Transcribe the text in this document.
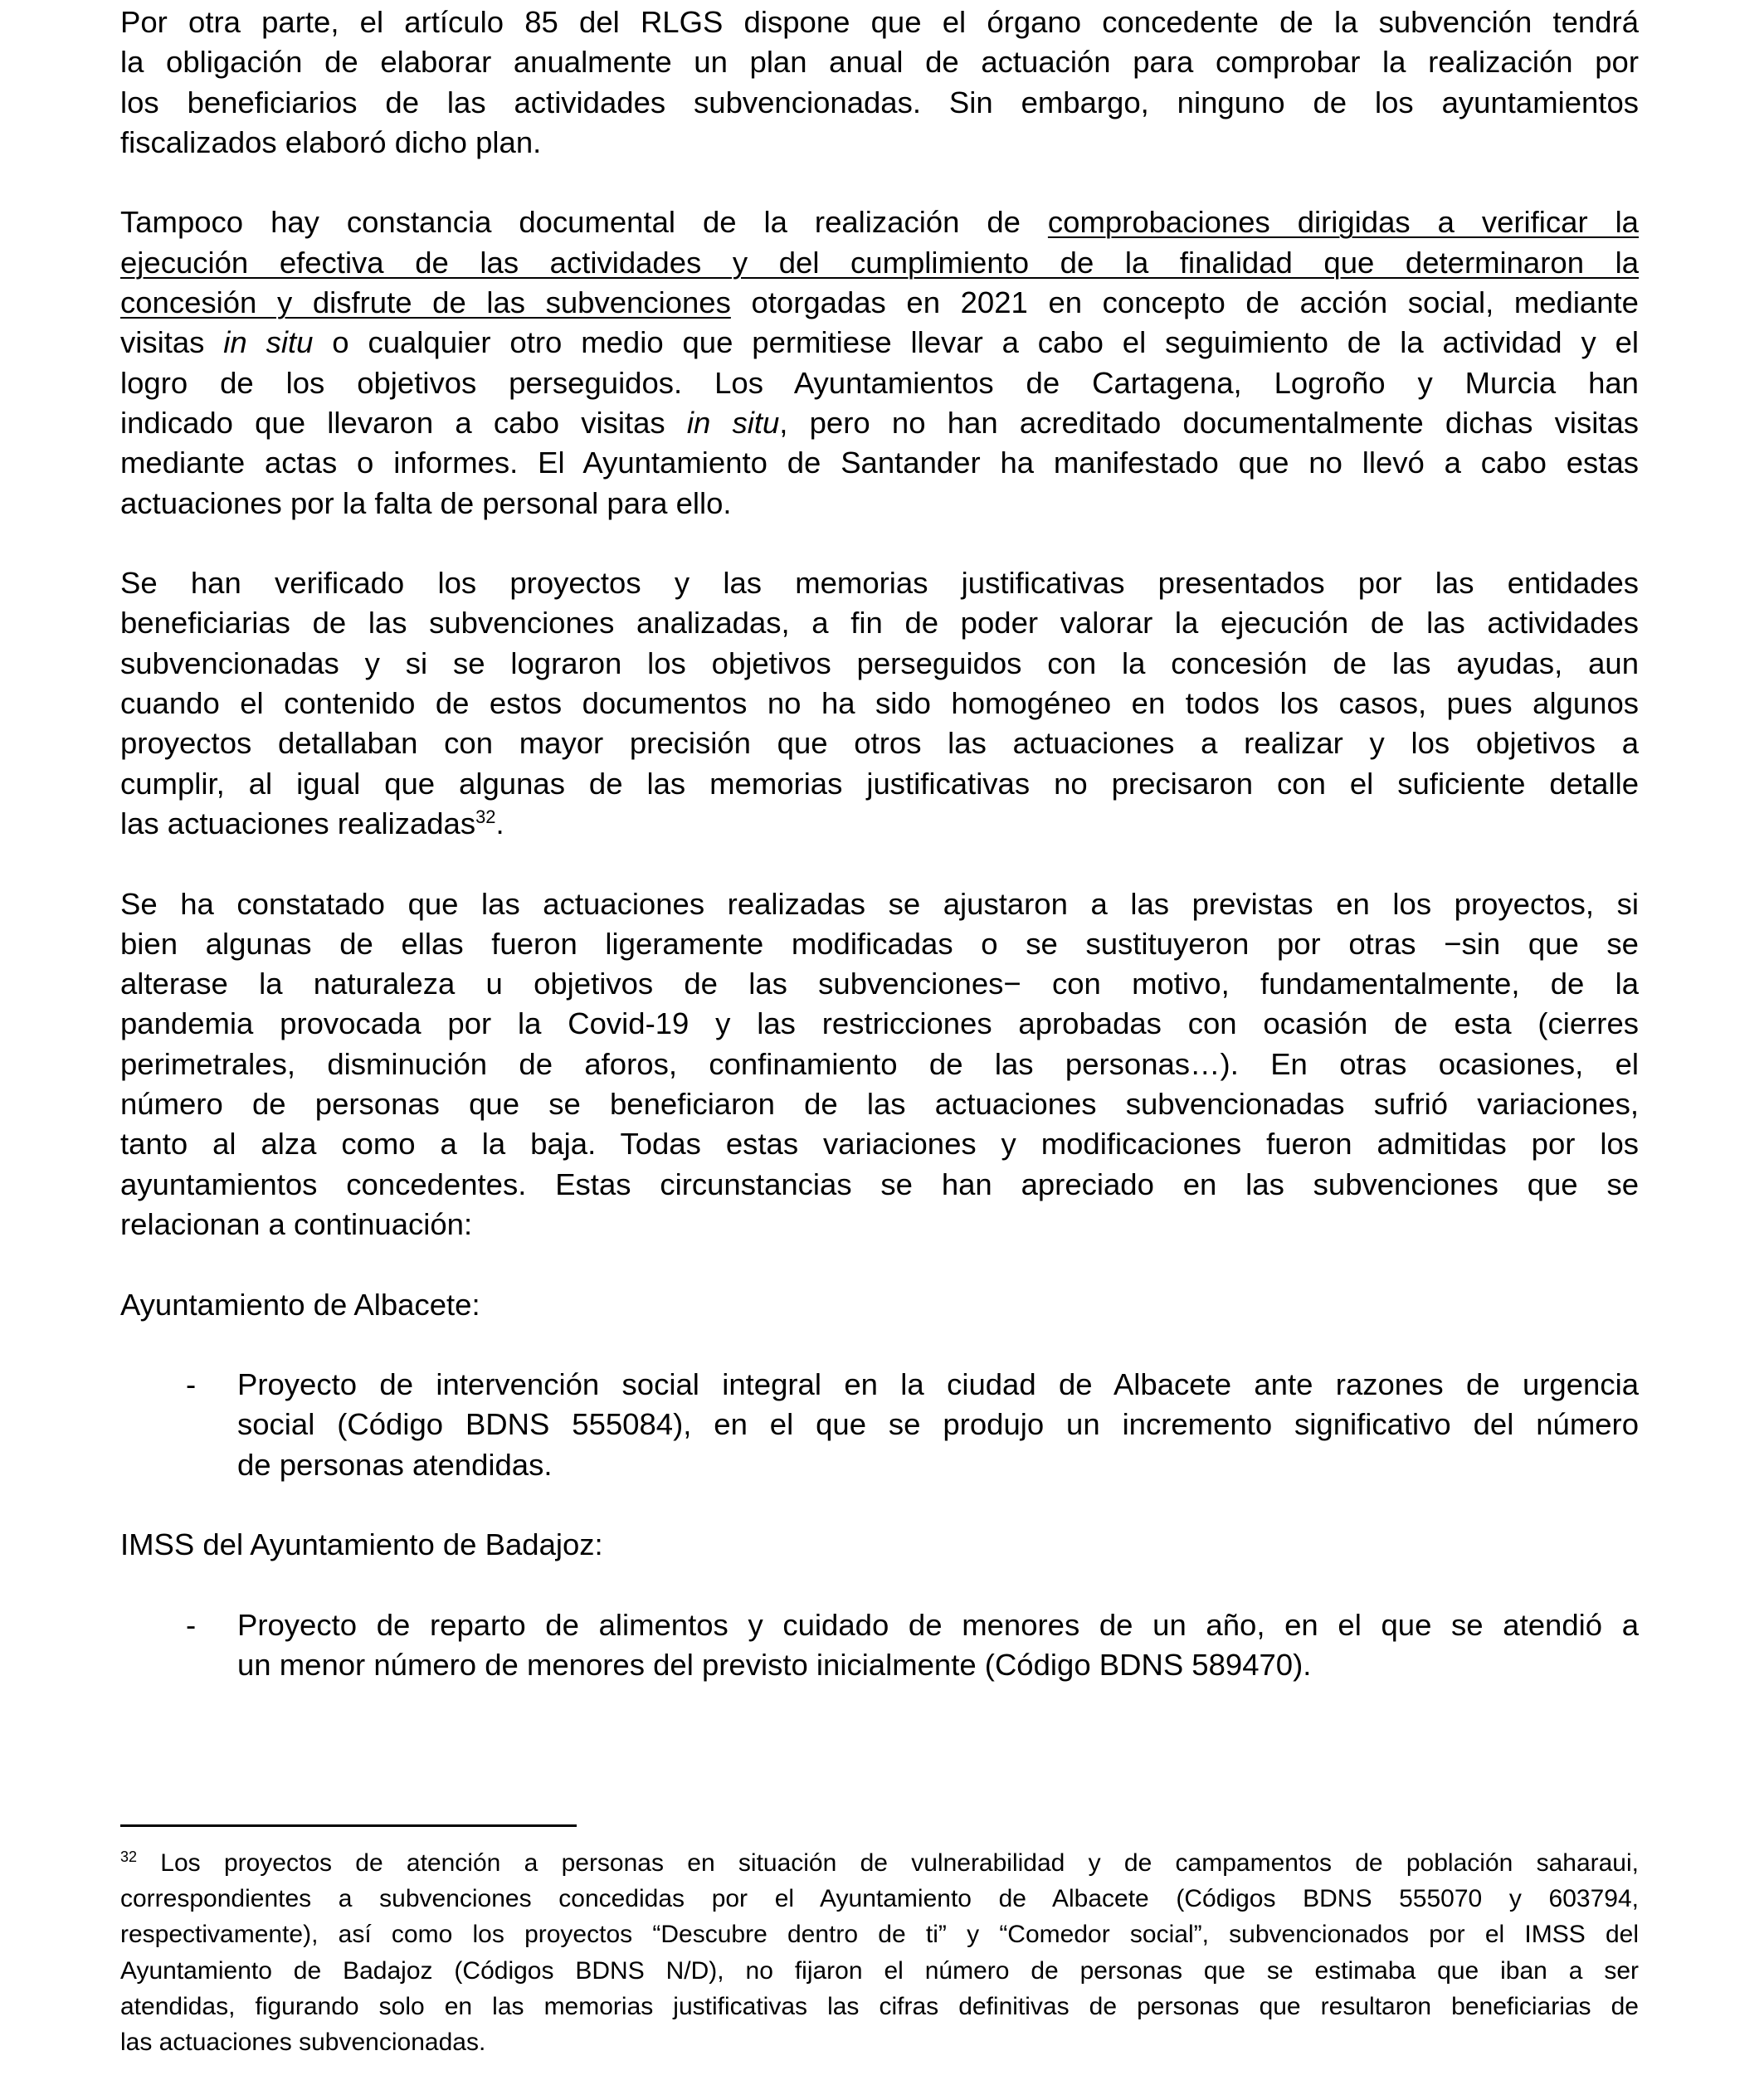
Por otra parte, el artículo 85 del RLGS dispone que el órgano concedente de la subvención tendrá
la obligación de elaborar anualmente un plan anual de actuación para comprobar la realización por
los beneficiarios de las actividades subvencionadas. Sin embargo, ninguno de los ayuntamientos
fiscalizados elaboró dicho plan.
Tampoco hay constancia documental de la realización de comprobaciones dirigidas a verificar la
ejecución efectiva de las actividades y del cumplimiento de la finalidad que determinaron la
concesión y disfrute de las subvenciones otorgadas en 2021 en concepto de acción social, mediante
visitas in situ o cualquier otro medio que permitiese llevar a cabo el seguimiento de la actividad y el
logro de los objetivos perseguidos. Los Ayuntamientos de Cartagena, Logroño y Murcia han
indicado que llevaron a cabo visitas in situ, pero no han acreditado documentalmente dichas visitas
mediante actas o informes. El Ayuntamiento de Santander ha manifestado que no llevó a cabo estas
actuaciones por la falta de personal para ello.
Se han verificado los proyectos y las memorias justificativas presentados por las entidades
beneficiarias de las subvenciones analizadas, a fin de poder valorar la ejecución de las actividades
subvencionadas y si se lograron los objetivos perseguidos con la concesión de las ayudas, aun
cuando el contenido de estos documentos no ha sido homogéneo en todos los casos, pues algunos
proyectos detallaban con mayor precisión que otros las actuaciones a realizar y los objetivos a
cumplir, al igual que algunas de las memorias justificativas no precisaron con el suficiente detalle
las actuaciones realizadas$^{32}$.
Se ha constatado que las actuaciones realizadas se ajustaron a las previstas en los proyectos, si
bien algunas de ellas fueron ligeramente modificadas o se sustituyeron por otras −sin que se
alterase la naturaleza u objetivos de las subvenciones− con motivo, fundamentalmente, de la
pandemia provocada por la Covid-19 y las restricciones aprobadas con ocasión de esta (cierres
perimetrales, disminución de aforos, confinamiento de las personas…). En otras ocasiones, el
número de personas que se beneficiaron de las actuaciones subvencionadas sufrió variaciones,
tanto al alza como a la baja. Todas estas variaciones y modificaciones fueron admitidas por los
ayuntamientos concedentes. Estas circunstancias se han apreciado en las subvenciones que se
relacionan a continuación:
Ayuntamiento de Albacete:
- Proyecto de intervención social integral en la ciudad de Albacete ante razones de urgencia
social (Código BDNS 555084), en el que se produjo un incremento significativo del número
de personas atendidas.
IMSS del Ayuntamiento de Badajoz:
- Proyecto de reparto de alimentos y cuidado de menores de un año, en el que se atendió a
un menor número de menores del previsto inicialmente (Código BDNS 589470).
$^{32}$ Los proyectos de atención a personas en situación de vulnerabilidad y de campamentos de población saharaui,
correspondientes a subvenciones concedidas por el Ayuntamiento de Albacete (Códigos BDNS 555070 y 603794,
respectivamente), así como los proyectos “Descubre dentro de ti” y “Comedor social”, subvencionados por el IMSS del
Ayuntamiento de Badajoz (Códigos BDNS N/D), no fijaron el número de personas que se estimaba que iban a ser
atendidas, figurando solo en las memorias justificativas las cifras definitivas de personas que resultaron beneficiarias de
las actuaciones subvencionadas.
